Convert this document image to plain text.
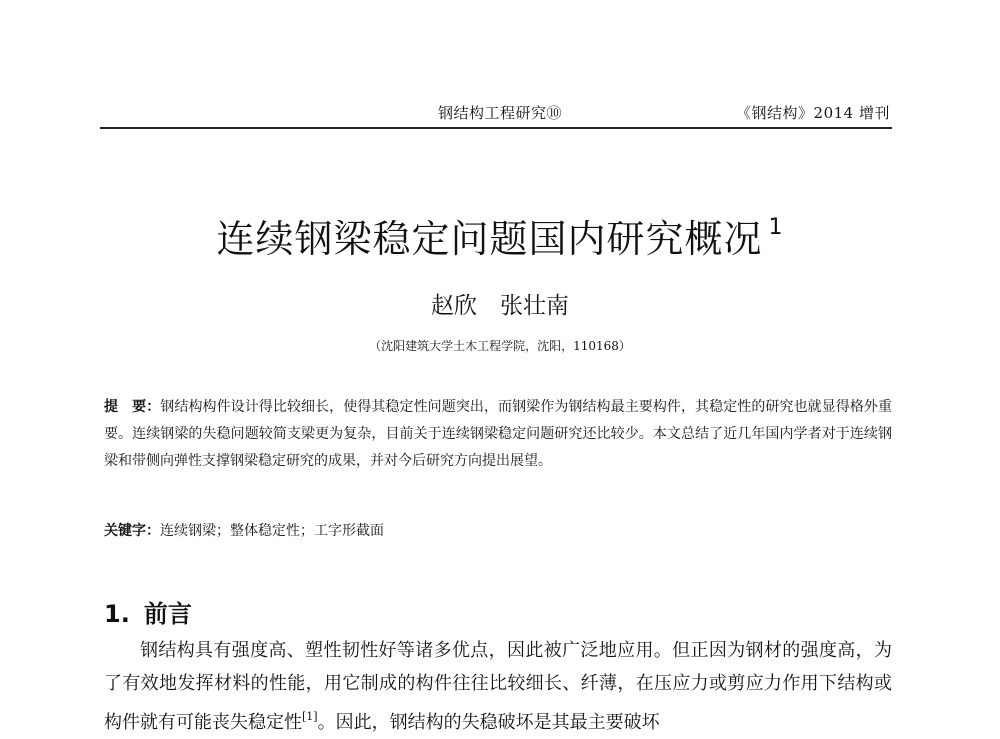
钢结构工程研究⑩	《钢结构》2014 增刊
连续钢梁稳定问题国内研究概况 $^1$
赵欣　张壮南
（沈阳建筑大学土木工程学院，沈阳，110168）
提　要：钢结构构件设计得比较细长，使得其稳定性问题突出，而钢梁作为钢结构最主要构件，其稳定性的研究也就显得格外重要。连续钢梁的失稳问题较简支梁更为复杂，目前关于连续钢梁稳定问题研究还比较少。本文总结了近几年国内学者对于连续钢梁和带侧向弹性支撑钢梁稳定研究的成果，并对今后研究方向提出展望。
关键字：连续钢梁；整体稳定性；工字形截面
1. 前言

钢结构具有强度高、塑性韧性好等诸多优点，因此被广泛地应用。但正因为钢材的强度高，为了有效地发挥材料的性能，用它制成的构件往往比较细长、纤薄，在压应力或剪应力作用下结构或构件就有可能丧失稳定性[1]。因此，钢结构的失稳破坏是其最主要破坏
